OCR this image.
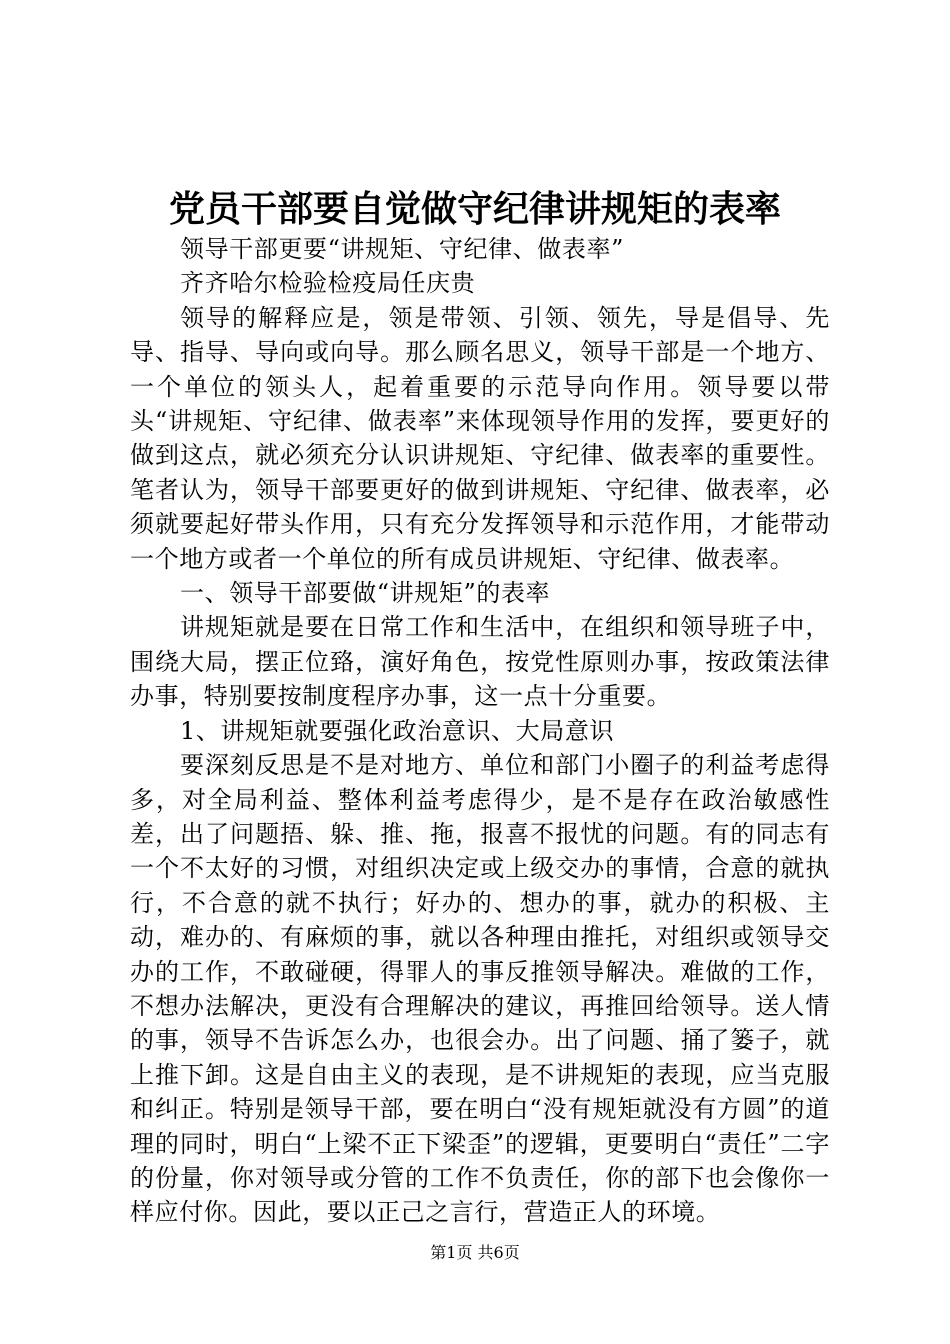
党员干部要自觉做守纪律讲规矩的表率

领导干部更要“讲规矩、守纪律、做表率”

齐齐哈尔检验检疫局任庆贵

领导的解释应是，领是带领、引领、领先，导是倡导、先导、指导、导向或向导。那么顾名思义，领导干部是一个地方、一个单位的领头人，起着重要的示范导向作用。领导要以带头“讲规矩、守纪律、做表率”来体现领导作用的发挥，要更好的做到这点，就必须充分认识讲规矩、守纪律、做表率的重要性。笔者认为，领导干部要更好的做到讲规矩、守纪律、做表率，必须就要起好带头作用，只有充分发挥领导和示范作用，才能带动一个地方或者一个单位的所有成员讲规矩、守纪律、做表率。

一、领导干部要做“讲规矩”的表率

讲规矩就是要在日常工作和生活中，在组织和领导班子中，围绕大局，摆正位臵，演好角色，按党性原则办事，按政策法律办事，特别要按制度程序办事，这一点十分重要。

1、讲规矩就要强化政治意识、大局意识

要深刻反思是不是对地方、单位和部门小圈子的利益考虑得多，对全局利益、整体利益考虑得少，是不是存在政治敏感性差，出了问题捂、躲、推、拖，报喜不报忧的问题。有的同志有一个不太好的习惯，对组织决定或上级交办的事情，合意的就执行，不合意的就不执行；好办的、想办的事，就办的积极、主动，难办的、有麻烦的事，就以各种理由推托，对组织或领导交办的工作，不敢碰硬，得罪人的事反推领导解决。难做的工作，不想办法解决，更没有合理解决的建议，再推回给领导。送人情的事，领导不告诉怎么办，也很会办。出了问题、捅了篓子，就上推下卸。这是自由主义的表现，是不讲规矩的表现，应当克服和纠正。特别是领导干部，要在明白“没有规矩就没有方圆”的道理的同时，明白“上梁不正下梁歪”的逻辑，更要明白“责任”二字的份量，你对领导或分管的工作不负责任，你的部下也会像你一样应付你。因此，要以正己之言行，营造正人的环境。

第1页 共6页
